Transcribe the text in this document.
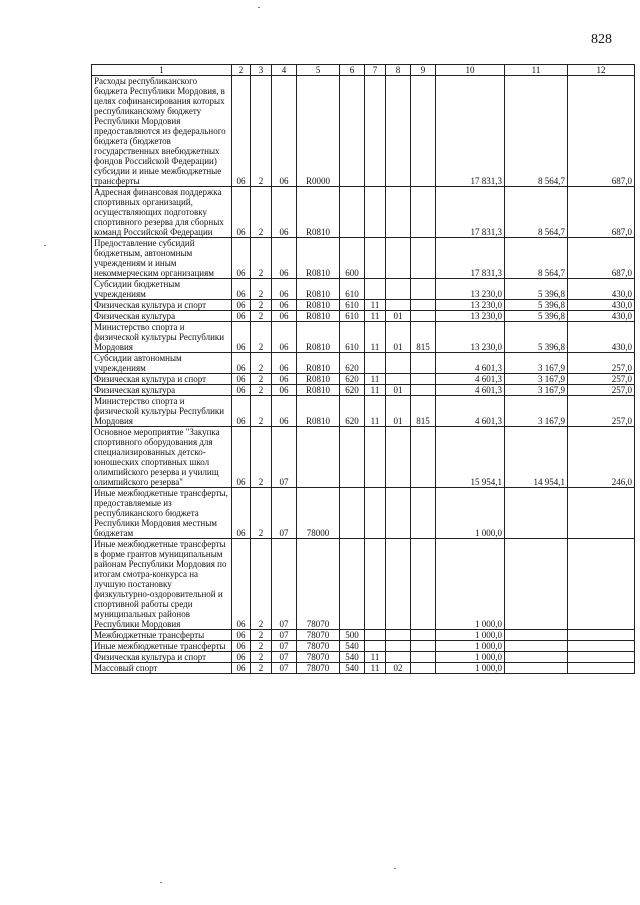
828
1	2	3	4	5	6	7	8	9	10	11	12
Расходы республиканского бюджета Республики Мордовия, в целях софинансирования которых республиканскому бюджету Республики Мордовия предоставляются из федерального бюджета (бюджетов государственных внебюджетных фондов Российской Федерации) субсидии и иные межбюджетные трансферты	06	2	06	R0000					17 831,3	8 564,7	687,0
Адресная финансовая поддержка спортивных организаций, осуществляющих подготовку спортивного резерва для сборных команд Российской Федерации	06	2	06	R0810					17 831,3	8 564,7	687,0
Предоставление субсидий бюджетным, автономным учреждениям и иным некоммерческим организациям	06	2	06	R0810	600				17 831,3	8 564,7	687,0
Субсидии бюджетным учреждениям	06	2	06	R0810	610				13 230,0	5 396,8	430,0
Физическая культура и спорт	06	2	06	R0810	610	11			13 230,0	5 396,8	430,0
Физическая культура	06	2	06	R0810	610	11	01		13 230,0	5 396,8	430,0
Министерство спорта и физической культуры Республики Мордовия	06	2	06	R0810	610	11	01	815	13 230,0	5 396,8	430,0
Субсидии автономным учреждениям	06	2	06	R0810	620				4 601,3	3 167,9	257,0
Физическая культура и спорт	06	2	06	R0810	620	11			4 601,3	3 167,9	257,0
Физическая культура	06	2	06	R0810	620	11	01		4 601,3	3 167,9	257,0
Министерство спорта и физической культуры Республики Мордовия	06	2	06	R0810	620	11	01	815	4 601,3	3 167,9	257,0
Основное мероприятие "Закупка спортивного оборудования для специализированных детско-юношеских спортивных школ олимпийского резерва и училищ олимпийского резерва"	06	2	07						15 954,1	14 954,1	246,0
Иные межбюджетные трансферты, предоставляемые из республиканского бюджета Республики Мордовия местным бюджетам	06	2	07	78000					1 000,0		
Иные межбюджетные трансферты в форме грантов муниципальным районам Республики Мордовия по итогам смотра-конкурса на лучшую постановку физкультурно-оздоровительной и спортивной работы среди муниципальных районов Республики Мордовия	06	2	07	78070					1 000,0		
Межбюджетные трансферты	06	2	07	78070	500				1 000,0		
Иные межбюджетные трансферты	06	2	07	78070	540				1 000,0		
Физическая культура и спорт	06	2	07	78070	540	11			1 000,0		
Массовый спорт	06	2	07	78070	540	11	02		1 000,0		
